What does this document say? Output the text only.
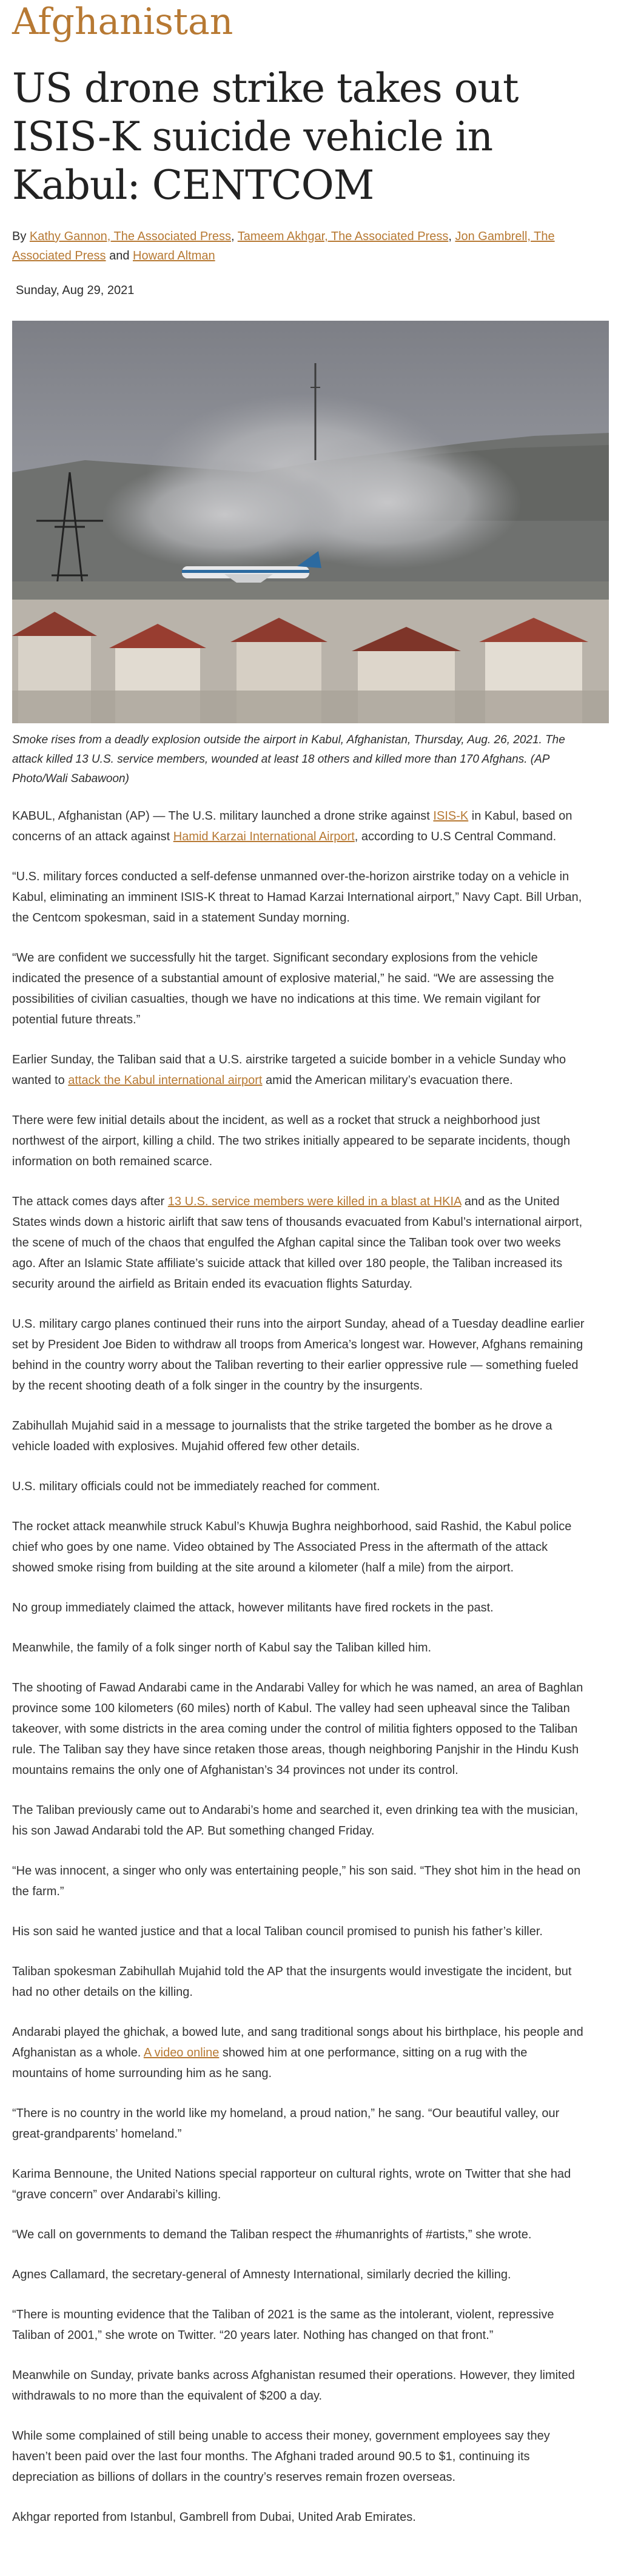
Afghanistan
US drone strike takes out ISIS-K suicide vehicle in Kabul: CENTCOM

By Kathy Gannon, The Associated Press, Tameem Akhgar, The Associated Press, Jon Gambrell, The Associated Press and Howard Altman

Sunday, Aug 29, 2021

Smoke rises from a deadly explosion outside the airport in Kabul, Afghanistan, Thursday, Aug. 26, 2021. The attack killed 13 U.S. service members, wounded at least 18 others and killed more than 170 Afghans. (AP Photo/Wali Sabawoon)

KABUL, Afghanistan (AP) — The U.S. military launched a drone strike against ISIS-K in Kabul, based on concerns of an attack against Hamid Karzai International Airport, according to U.S Central Command.

“U.S. military forces conducted a self-defense unmanned over-the-horizon airstrike today on a vehicle in Kabul, eliminating an imminent ISIS-K threat to Hamad Karzai International airport,” Navy Capt. Bill Urban, the Centcom spokesman, said in a statement Sunday morning.

“We are confident we successfully hit the target. Significant secondary explosions from the vehicle indicated the presence of a substantial amount of explosive material,” he said. “We are assessing the possibilities of civilian casualties, though we have no indications at this time. We remain vigilant for potential future threats.”

Earlier Sunday, the Taliban said that a U.S. airstrike targeted a suicide bomber in a vehicle Sunday who wanted to attack the Kabul international airport amid the American military’s evacuation there.

There were few initial details about the incident, as well as a rocket that struck a neighborhood just northwest of the airport, killing a child. The two strikes initially appeared to be separate incidents, though information on both remained scarce.

The attack comes days after 13 U.S. service members were killed in a blast at HKIA and as the United States winds down a historic airlift that saw tens of thousands evacuated from Kabul’s international airport, the scene of much of the chaos that engulfed the Afghan capital since the Taliban took over two weeks ago. After an Islamic State affiliate’s suicide attack that killed over 180 people, the Taliban increased its security around the airfield as Britain ended its evacuation flights Saturday.

U.S. military cargo planes continued their runs into the airport Sunday, ahead of a Tuesday deadline earlier set by President Joe Biden to withdraw all troops from America’s longest war. However, Afghans remaining behind in the country worry about the Taliban reverting to their earlier oppressive rule — something fueled by the recent shooting death of a folk singer in the country by the insurgents.

Zabihullah Mujahid said in a message to journalists that the strike targeted the bomber as he drove a vehicle loaded with explosives. Mujahid offered few other details.

U.S. military officials could not be immediately reached for comment.

The rocket attack meanwhile struck Kabul’s Khuwja Bughra neighborhood, said Rashid, the Kabul police chief who goes by one name. Video obtained by The Associated Press in the aftermath of the attack showed smoke rising from building at the site around a kilometer (half a mile) from the airport.

No group immediately claimed the attack, however militants have fired rockets in the past.

Meanwhile, the family of a folk singer north of Kabul say the Taliban killed him.

The shooting of Fawad Andarabi came in the Andarabi Valley for which he was named, an area of Baghlan province some 100 kilometers (60 miles) north of Kabul. The valley had seen upheaval since the Taliban takeover, with some districts in the area coming under the control of militia fighters opposed to the Taliban rule. The Taliban say they have since retaken those areas, though neighboring Panjshir in the Hindu Kush mountains remains the only one of Afghanistan’s 34 provinces not under its control.

The Taliban previously came out to Andarabi’s home and searched it, even drinking tea with the musician, his son Jawad Andarabi told the AP. But something changed Friday.

“He was innocent, a singer who only was entertaining people,” his son said. “They shot him in the head on the farm.”

His son said he wanted justice and that a local Taliban council promised to punish his father’s killer.

Taliban spokesman Zabihullah Mujahid told the AP that the insurgents would investigate the incident, but had no other details on the killing.

Andarabi played the ghichak, a bowed lute, and sang traditional songs about his birthplace, his people and Afghanistan as a whole. A video online showed him at one performance, sitting on a rug with the mountains of home surrounding him as he sang.

“There is no country in the world like my homeland, a proud nation,” he sang. “Our beautiful valley, our great-grandparents’ homeland.”

Karima Bennoune, the United Nations special rapporteur on cultural rights, wrote on Twitter that she had “grave concern” over Andarabi’s killing.

“We call on governments to demand the Taliban respect the #humanrights of #artists,” she wrote.

Agnes Callamard, the secretary-general of Amnesty International, similarly decried the killing.

“There is mounting evidence that the Taliban of 2021 is the same as the intolerant, violent, repressive Taliban of 2001,” she wrote on Twitter. “20 years later. Nothing has changed on that front.”

Meanwhile on Sunday, private banks across Afghanistan resumed their operations. However, they limited withdrawals to no more than the equivalent of $200 a day.

While some complained of still being unable to access their money, government employees say they haven’t been paid over the last four months. The Afghani traded around 90.5 to $1, continuing its depreciation as billions of dollars in the country’s reserves remain frozen overseas.

Akhgar reported from Istanbul, Gambrell from Dubai, United Arab Emirates.
